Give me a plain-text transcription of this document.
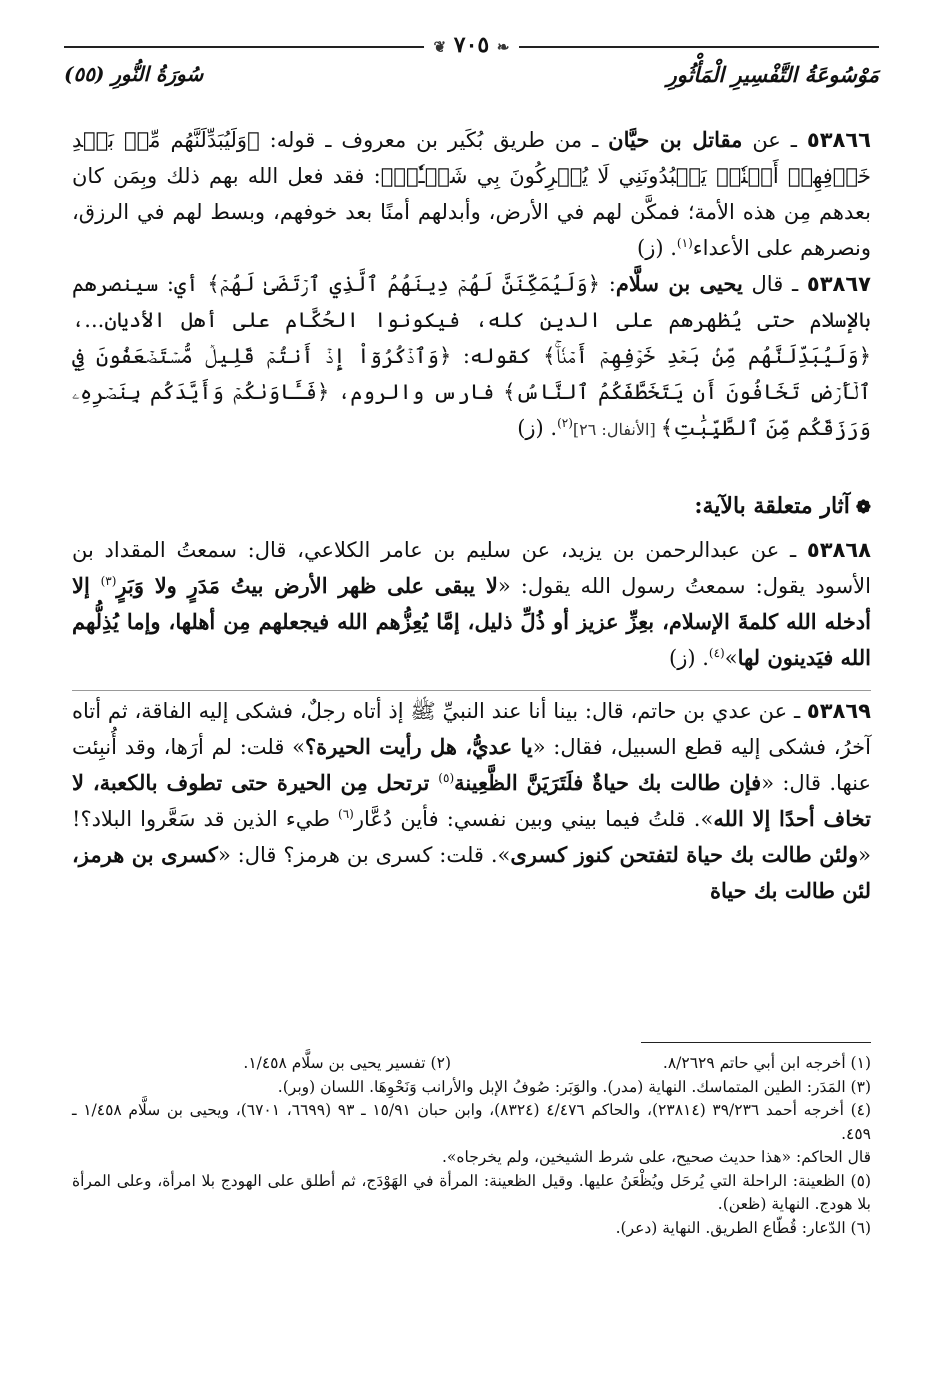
مَوْسُوعَةُ التَّفْسِيرِ الْمَأْثُورِ
سُورَةُ النُّورِ (٥٥)
❦ ٧٠٥ ❧

٥٣٨٦٦ ـ عن مقاتل بن حيَّان ـ من طريق بُكَير بن معروف ـ قوله: ﴿وَلَيُبَدِّلَنَّهُم مِّنۢ بَعۡدِ خَوۡفِهِمۡ أَمۡنٗاۚ يَعۡبُدُونَنِي لَا يُشۡرِكُونَ بِي شَيۡـٔٗاۚ﴾: فقد فعل الله بهم ذلك وبِمَن كان بعدهم مِن هذه الأمة؛ فمكَّن لهم في الأرض، وأبدلهم أمنًا بعد خوفهم، وبسط لهم في الرزق، ونصرهم على الأعداء$^{(١)}$. (ز)

٥٣٨٦٧ ـ قال يحيى بن سلَّام: ﴿وَلَيُمَكِّنَنَّ لَهُمۡ دِينَهُمُ ٱلَّذِي ٱرۡتَضَىٰ لَهُمۡ﴾ أي: سينصرهم بالإسلام حتى يُظهرهم على الدين كله، فيكونوا الحُكَّام على أهل الأديان...، ﴿وَلَيُبَدِّلَنَّهُم مِّنۢ بَعۡدِ خَوۡفِهِمۡ أَمۡنٗاۚ﴾ كقوله: ﴿وَٱذۡكُرُوٓاْ إِذۡ أَنتُمۡ قَلِيلٞ مُّسۡتَضۡعَفُونَ فِي ٱلۡأَرۡضِ تَخَافُونَ أَن يَتَخَطَّفَكُمُ ٱلنَّاسُ﴾ فارس والروم، ﴿فَـَٔاوَىٰكُمۡ وَأَيَّدَكُم بِنَصۡرِهِۦ وَرَزَقَكُم مِّنَ ٱلطَّيِّبَٰتِ﴾ [الأنفال: ٢٦]$^{(٢)}$. (ز)

❁آثار متعلقة بالآية:

٥٣٨٦٨ ـ عن عبدالرحمن بن يزيد، عن سليم بن عامر الكلاعي، قال: سمعتُ المقداد بن الأسود يقول: سمعتُ رسول الله يقول: «لا يبقى على ظهر الأرض بيتُ مَدَرٍ ولا وَبَرٍ$^{(٣)}$ إلا أدخله الله كلمةَ الإسلام، بعِزِّ عزيز أو ذُلِّ ذليل، إمَّا يُعِزُّهم الله فيجعلهم مِن أهلها، وإما يُذِلُّهم الله فيَدينون لها»$^{(٤)}$. (ز)

٥٣٨٦٩ ـ عن عدي بن حاتم، قال: بينا أنا عند النبيِّ ﷺ إذ أتاه رجلٌ، فشكى إليه الفاقة، ثم أتاه آخرُ، فشكى إليه قطع السبيل، فقال: «يا عديُّ، هل رأيت الحيرة؟» قلت: لم أرَها، وقد أُنبِئت عنها. قال: «فإن طالت بك حياةٌ فلَتَرَيَنَّ الظَّعِينة$^{(٥)}$ ترتحل مِن الحيرة حتى تطوف بالكعبة، لا تخاف أحدًا إلا الله». قلتُ فيما بيني وبين نفسي: فأين دُعَّار$^{(٦)}$ طيء الذين قد سَعَّروا البلاد؟! «ولئن طالت بك حياة لتفتحن كنوز كسرى». قلت: كسرى بن هرمز؟ قال: «كسرى بن هرمز، لئن طالت بك حياة

(١) أخرجه ابن أبي حاتم ٨/٢٦٢٩.
(٢) تفسير يحيى بن سلَّام ١/٤٥٨.

(٣) المَدَر: الطين المتماسك. النهاية (مدر). والوَبَر: صُوفُ الإبل والأرانب وَنَحْوِهَا. اللسان (وبر).

(٤) أخرجه أحمد ٣٩/٢٣٦ (٢٣٨١٤)، والحاكم ٤/٤٧٦ (٨٣٢٤)، وابن حبان ١٥/٩١ ـ ٩٣ (٦٦٩٩، ٦٧٠١)، ويحيى بن سلَّام ١/٤٥٨ ـ ٤٥٩.

قال الحاكم: «هذا حديث صحيح، على شرط الشيخين، ولم يخرجاه».

(٥) الظعينة: الراحلة التي يُرحَل ويُظْعَنُ عليها. وقيل الظعينة: المرأة في الهَوْدَج، ثم أطلق على الهودج بلا امرأة، وعلى المرأة بلا هودج. النهاية (ظعن).

(٦) الدّعار: قُطّاع الطريق. النهاية (دعر).
